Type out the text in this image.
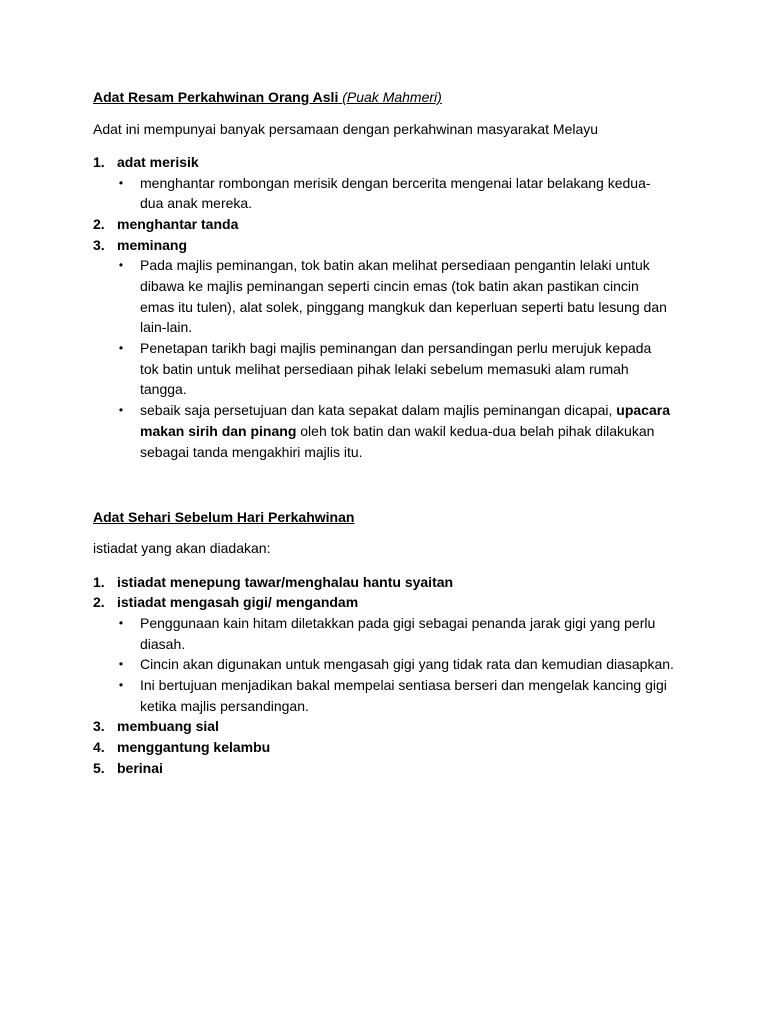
Adat Resam Perkahwinan Orang Asli (Puak Mahmeri)
Adat ini mempunyai banyak persamaan dengan perkahwinan masyarakat Melayu
1. adat merisik
• menghantar rombongan merisik dengan bercerita mengenai latar belakang kedua-
dua anak mereka.
2. menghantar tanda
3. meminang
• Pada majlis peminangan, tok batin akan melihat persediaan pengantin lelaki untuk
dibawa ke majlis peminangan seperti cincin emas (tok batin akan pastikan cincin
emas itu tulen), alat solek, pinggang mangkuk dan keperluan seperti batu lesung dan
lain-lain.
• Penetapan tarikh bagi majlis peminangan dan persandingan perlu merujuk kepada
tok batin untuk melihat persediaan pihak lelaki sebelum memasuki alam rumah
tangga.
• sebaik saja persetujuan dan kata sepakat dalam majlis peminangan dicapai, upacara
makan sirih dan pinang oleh tok batin dan wakil kedua-dua belah pihak dilakukan
sebagai tanda mengakhiri majlis itu.
Adat Sehari Sebelum Hari Perkahwinan
istiadat yang akan diadakan:
1. istiadat menepung tawar/menghalau hantu syaitan
2. istiadat mengasah gigi/ mengandam
• Penggunaan kain hitam diletakkan pada gigi sebagai penanda jarak gigi yang perlu
diasah.
• Cincin akan digunakan untuk mengasah gigi yang tidak rata dan kemudian diasapkan.
• Ini bertujuan menjadikan bakal mempelai sentiasa berseri dan mengelak kancing gigi
ketika majlis persandingan.
3. membuang sial
4. menggantung kelambu
5. berinai
